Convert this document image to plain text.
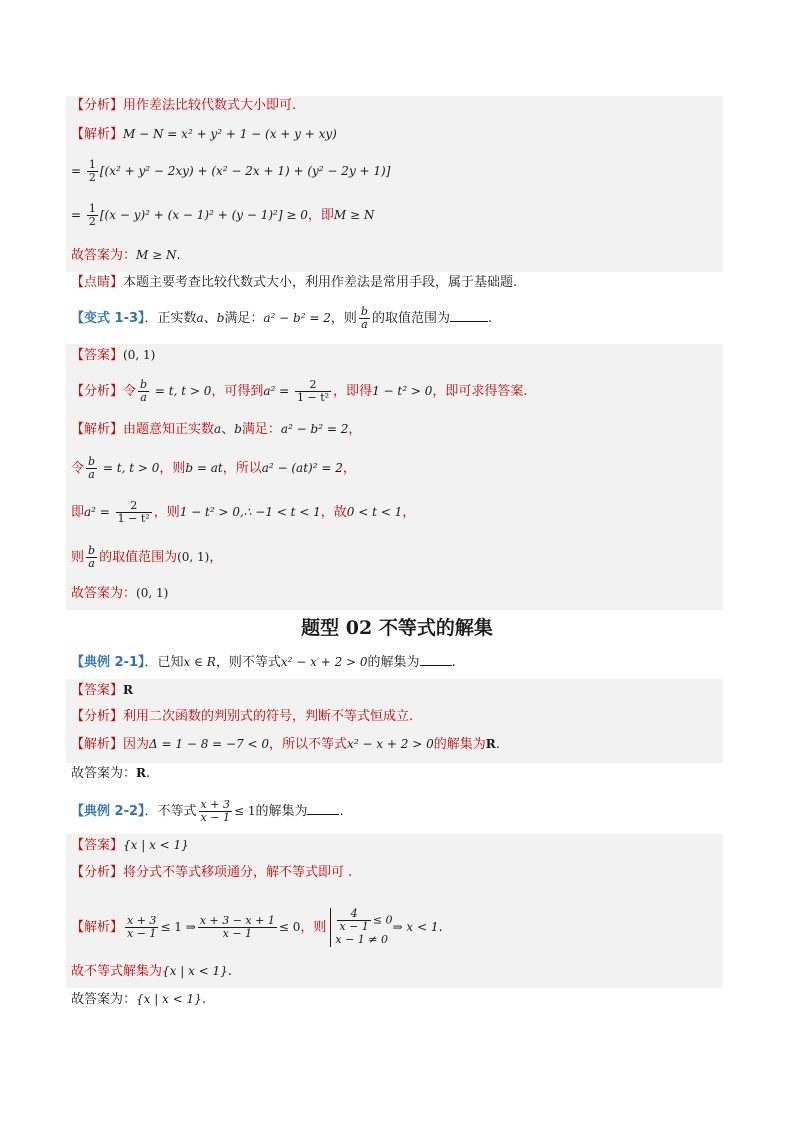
【分析】用作差法比较代数式大小即可.
【解析】M − N = x² + y² + 1 − (x + y + xy)
= $\frac{1}{2} [(x^2 + y^2 - 2xy) + (x^2 - 2x + 1) + (y^2 - 2y + 1)]$
= $\frac{1}{2} [(x - y)^2 + (x - 1)^2 + (y - 1)^2] \ge 0$，即M ≥ N
故答案为：M ≥ N.
【点睛】本题主要考查比较代数式大小，利用作差法是常用手段，属于基础题.
【变式 1-3】．正实数a、b满足：a² − b² = 2，则 $\frac{b}{a}$ 的取值范围为	.
【答案】(0, 1)
【分析】令 $\frac{b}{a} = t$, t > 0，可得到$a^2 = \frac{2}{\text{1 − t²}}$ ，即得1 − t² > 0，即可求得答案.
【解析】由题意知正实数a、b满足：a² − b² = 2，
令 $\frac{b}{a} = t$, t > 0，则b = at，所以a² − (at)² = 2，
即$a^2 = \frac{2}{\text{1 − t²}}$ ，则1 − t² > 0,∴ −1 < t < 1，故0 < t < 1，
则 $\frac{b}{a}$ 的取值范围为(0, 1)，
故答案为：(0, 1)
题型 02 不等式的解集
【典例 2-1】．已知x ∈ R，则不等式x² − x + 2 > 0的解集为 .
【答案】R
【分析】利用二次函数的判别式的符号，判断不等式恒成立.
【解析】因为Δ = 1 − 8 = −7 < 0，所以不等式x² − x + 2 > 0的解集为R.
故答案为：R.
【典例 2-2】．不等式 $\frac{x + 3}{x - 1} \le 1$的解集为 .
【答案】{x | x < 1}
【分析】将分式不等式移项通分，解不等式即可 .
【解析】 $\frac{x + 3}{x - 1} \le 1$ ⇒ $\frac{x + 3 - x + 1}{x - 1} \le 0$，则 $\frac{4}{x - 1} \le 0$
x − 1 ≠ 0
⇒ x < 1.
故不等式解集为{x | x < 1}.
故答案为：{x | x < 1}.
